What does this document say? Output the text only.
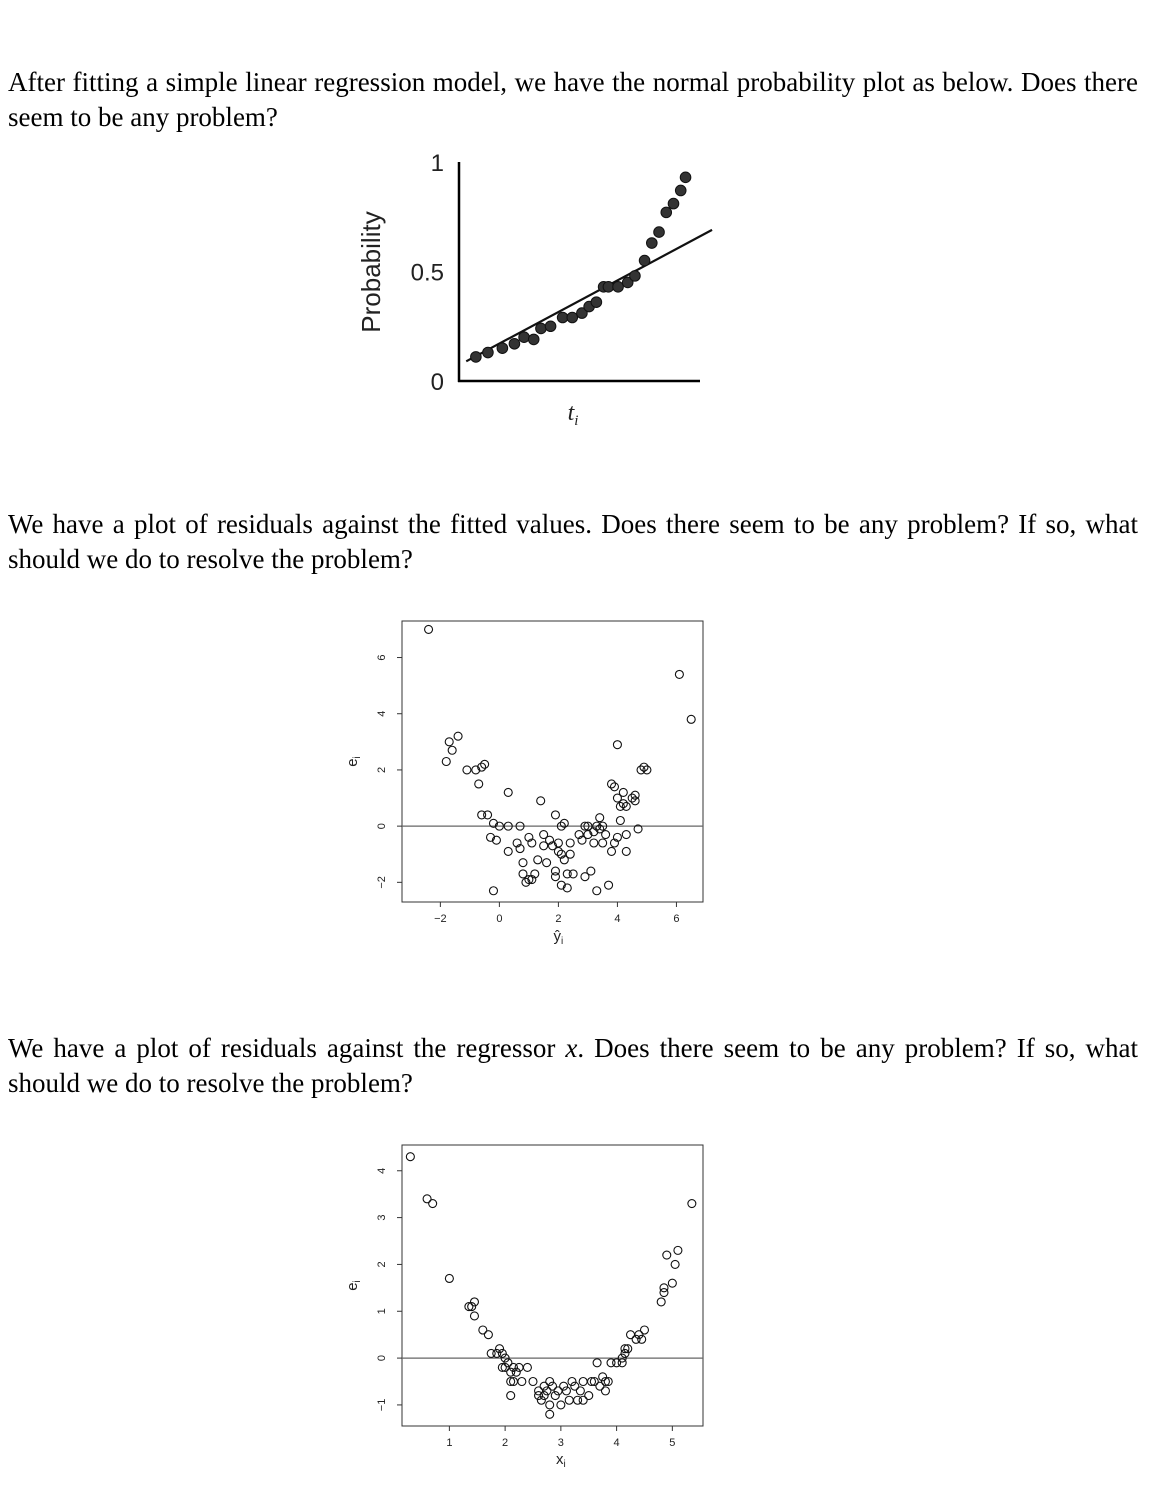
After fitting a simple linear regression model, we have the normal probability plot as below. Does there seem to be any problem?

We have a plot of residuals against the fitted values. Does there seem to be any problem? If so, what should we do to resolve the problem?

We have a plot of residuals against the regressor x. Does there seem to be any problem? If so, what should we do to resolve the problem?

0
0.5
1
Probability
$t_i$
−2	0	2	4	6
−2
0
2
4
6
$e_i$
$ŷ_i$
1	2	3	4	5
−1
0
1
2
3
4
$e_i$
$x_i$
